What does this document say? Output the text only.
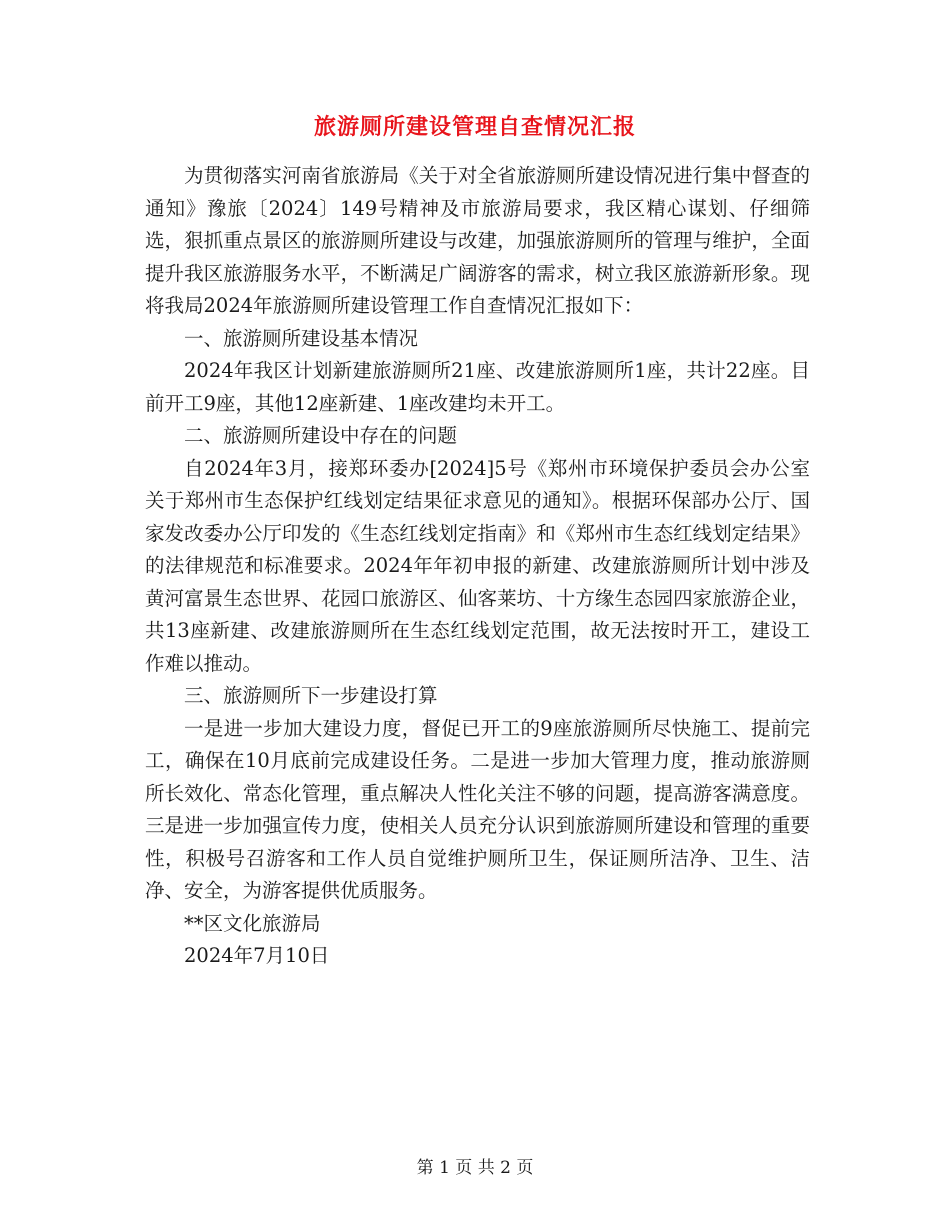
旅游厕所建设管理自查情况汇报

为贯彻落实河南省旅游局《关于对全省旅游厕所建设情况进行集中督查的通知》豫旅〔2024〕149号精神及市旅游局要求，我区精心谋划、仔细筛选，狠抓重点景区的旅游厕所建设与改建，加强旅游厕所的管理与维护，全面提升我区旅游服务水平，不断满足广阔游客的需求，树立我区旅游新形象。现将我局2024年旅游厕所建设管理工作自查情况汇报如下：

一、旅游厕所建设基本情况

2024年我区计划新建旅游厕所21座、改建旅游厕所1座，共计22座。目前开工9座，其他12座新建、1座改建均未开工。

二、旅游厕所建设中存在的问题

自2024年3月，接郑环委办[2024]5号《郑州市环境保护委员会办公室 关于郑州市生态保护红线划定结果征求意见的通知》。根据环保部办公厅、国家发改委办公厅印发的《生态红线划定指南》和《郑州市生态红线划定结果》的法律规范和标准要求。2024年年初申报的新建、改建旅游厕所计划中涉及黄河富景生态世界、花园口旅游区、仙客莱坊、十方缘生态园四家旅游企业，共13座新建、改建旅游厕所在生态红线划定范围，故无法按时开工，建设工作难以推动。

三、旅游厕所下一步建设打算

一是进一步加大建设力度，督促已开工的9座旅游厕所尽快施工、提前完工，确保在10月底前完成建设任务。二是进一步加大管理力度，推动旅游厕所长效化、常态化管理，重点解决人性化关注不够的问题，提高游客满意度。三是进一步加强宣传力度，使相关人员充分认识到旅游厕所建设和管理的重要性，积极号召游客和工作人员自觉维护厕所卫生，保证厕所洁净、卫生、洁净、安全，为游客提供优质服务。

**区文化旅游局

2024年7月10日

第 1 页 共 2 页
